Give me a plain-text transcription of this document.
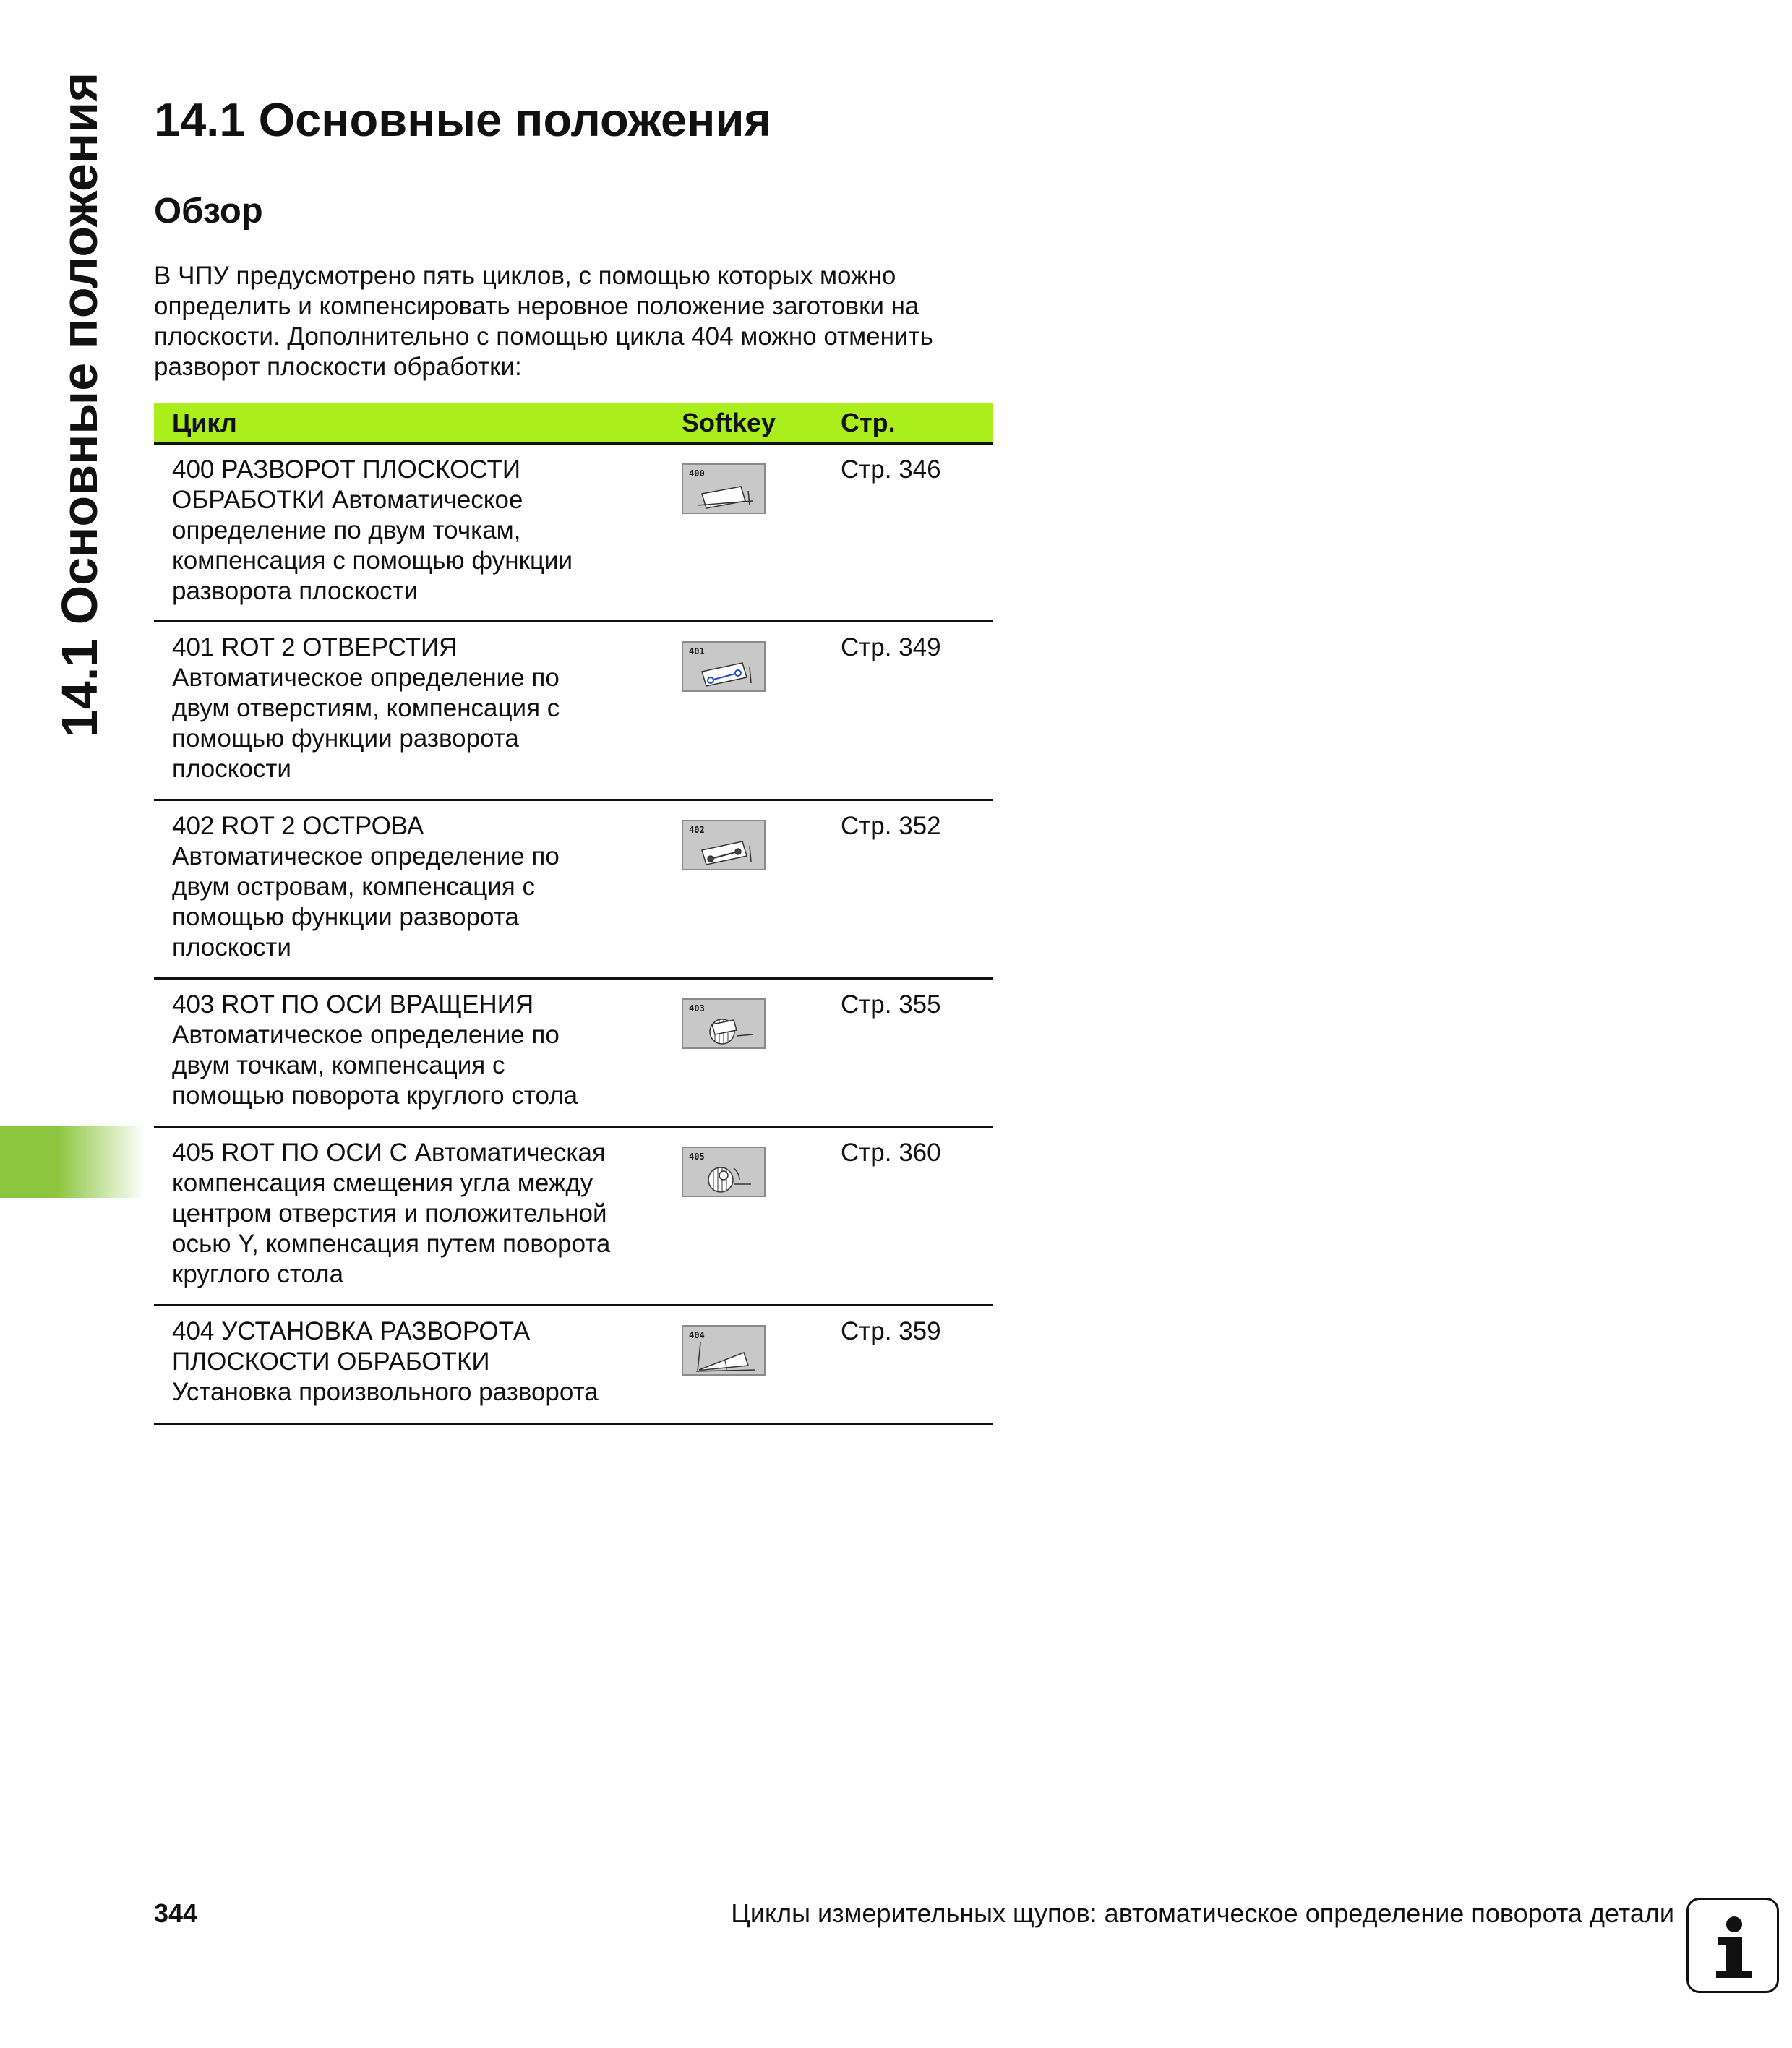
14.1 Основные положения 14.1 Основные положения
Обзор
В ЧПУ предусмотрено пять циклов, с помощью которых можно
определить и компенсировать неровное положение заготовки на
плоскости. Дополнительно с помощью цикла 404 можно отменить
разворот плоскости обработки:
Цикл	Softkey Стр.
400 РАЗВОРОТ ПЛОСКОСТИ
ОБРАБОТКИ Автоматическое
определение по двум точкам,
компенсация с помощью функции
разворота плоскости
400	Стр. 346
401 ROT 2 ОТВЕРСТИЯ
Автоматическое определение по
двум отверстиям, компенсация с
помощью функции разворота
плоскости
401	Стр. 349
402 ROT 2 ОСТРОВА
Автоматическое определение по
двум островам, компенсация с
помощью функции разворота
плоскости
402	Стр. 352
403 ROT ПО ОСИ ВРАЩЕНИЯ
Автоматическое определение по
двум точкам, компенсация с
помощью поворота круглого стола
403	Стр. 355
405 ROT ПО ОСИ С Автоматическая
компенсация смещения угла между
центром отверстия и положительной
осью Y, компенсация путем поворота
круглого стола
405	Стр. 360
404 УСТАНОВКА РАЗВОРОТА
ПЛОСКОСТИ ОБРАБОТКИ
Установка произвольного разворота
404	Стр. 359
344	Циклы измерительных щупов: автоматическое определение поворота детали
